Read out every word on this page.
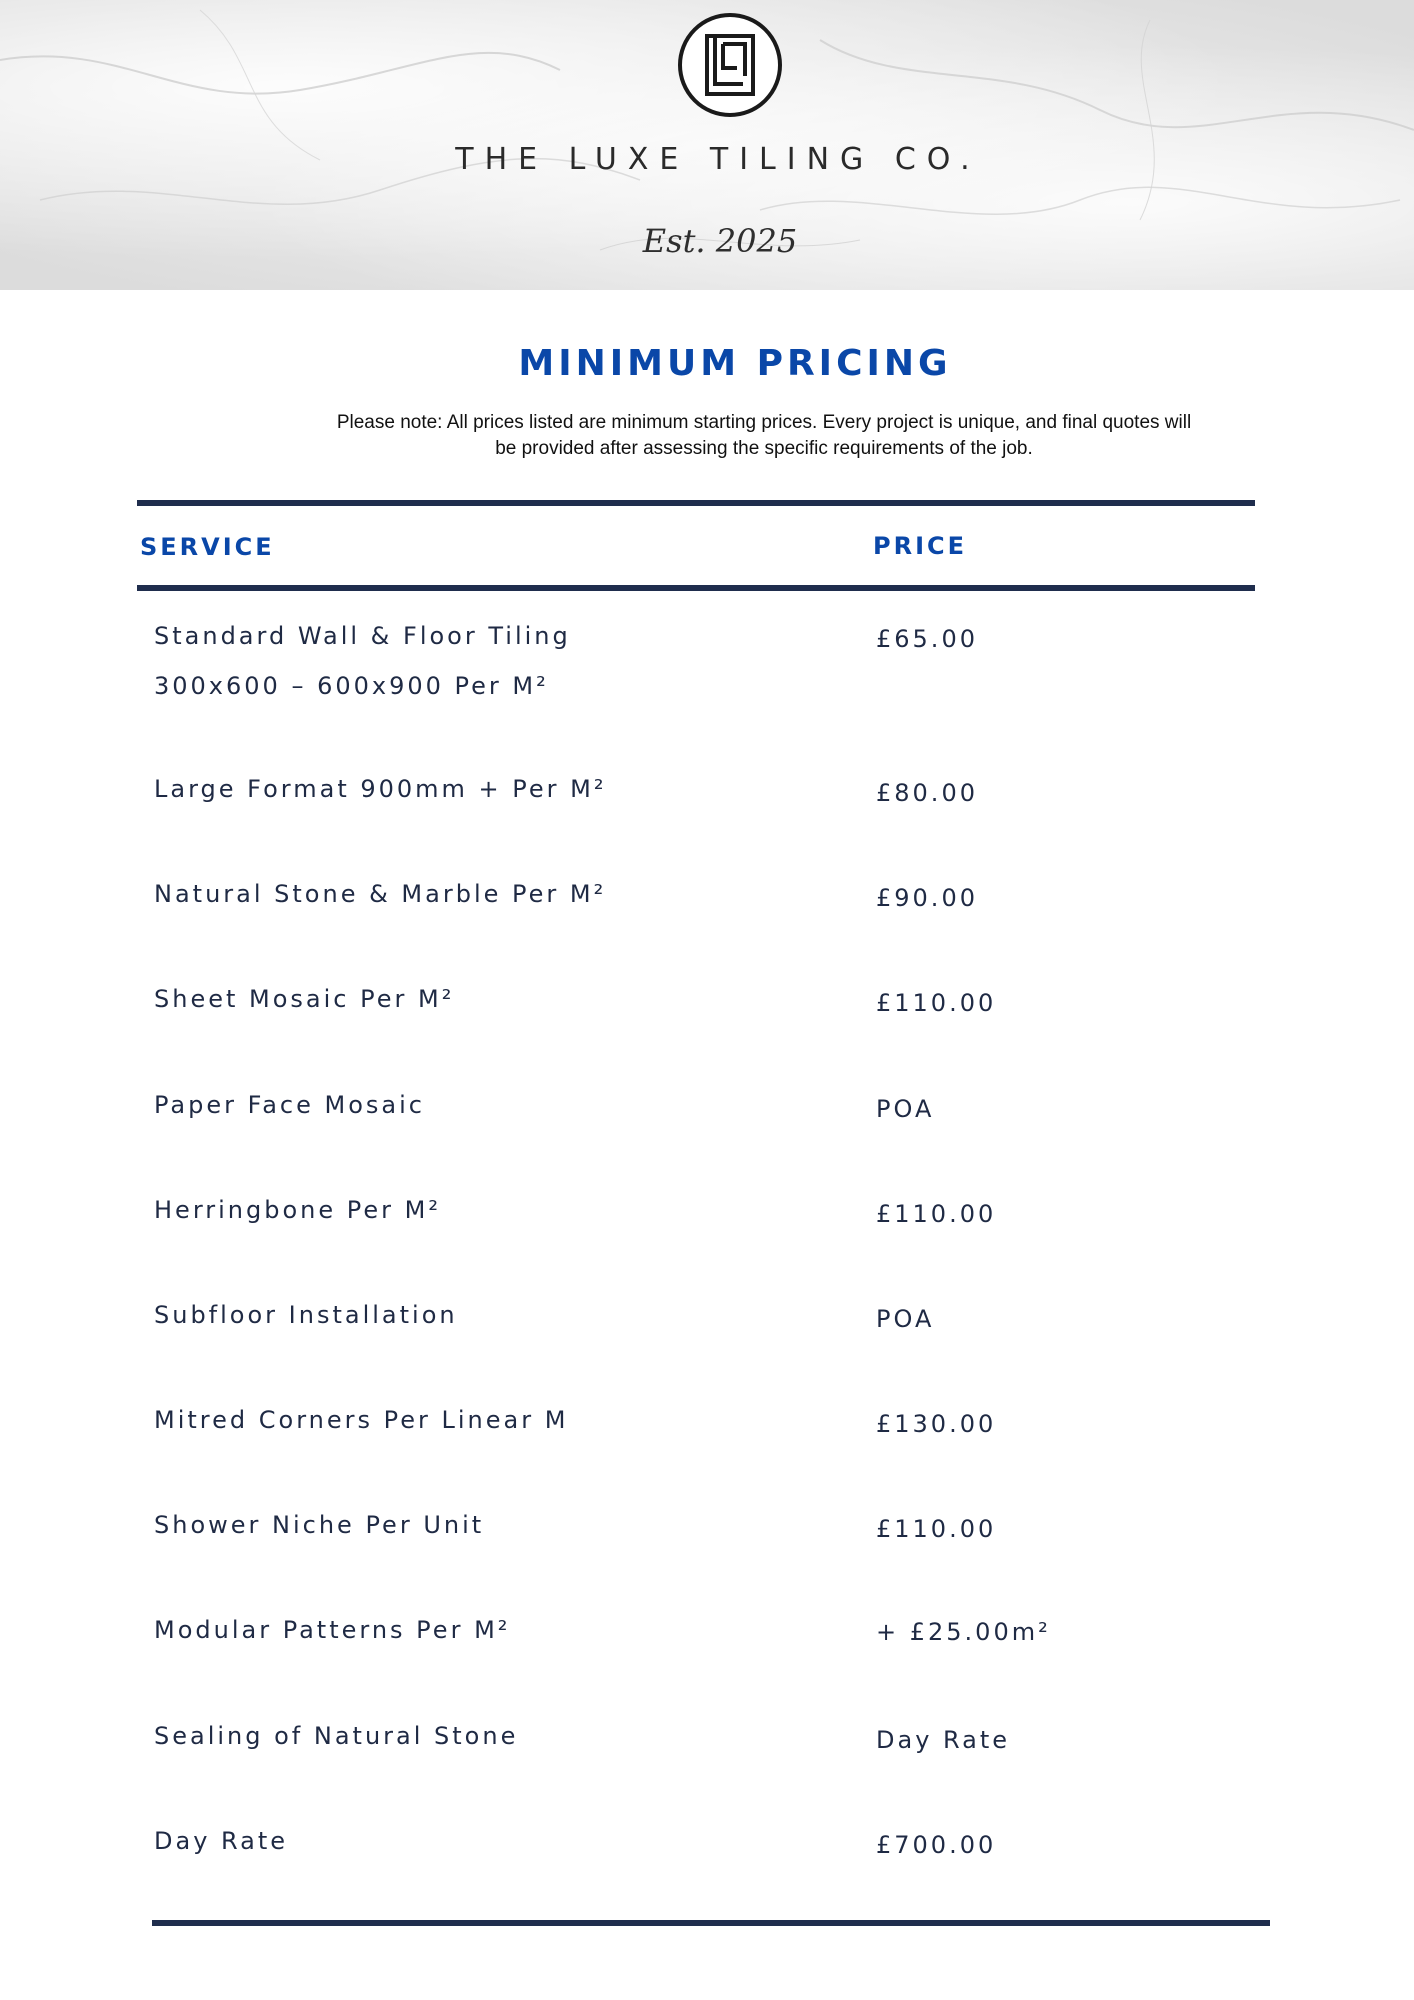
THE LUXE TILING CO.
Est. 2025
MINIMUM PRICING

Please note: All prices listed are minimum starting prices. Every project is unique, and final quotes will be provided after assessing the specific requirements of the job.

SERVICE	PRICE
Standard Wall & Floor Tiling
300x600 – 600x900 Per M²
£65.00
Large Format 900mm + Per M²	£80.00
Natural Stone & Marble Per M²	£90.00
Sheet Mosaic Per M²	£110.00
Paper Face Mosaic	POA
Herringbone Per M²	£110.00
Subfloor Installation	POA
Mitred Corners Per Linear M	£130.00
Shower Niche Per Unit	£110.00
Modular Patterns Per M²	+ £25.00m²
Sealing of Natural Stone	Day Rate
Day Rate	£700.00
